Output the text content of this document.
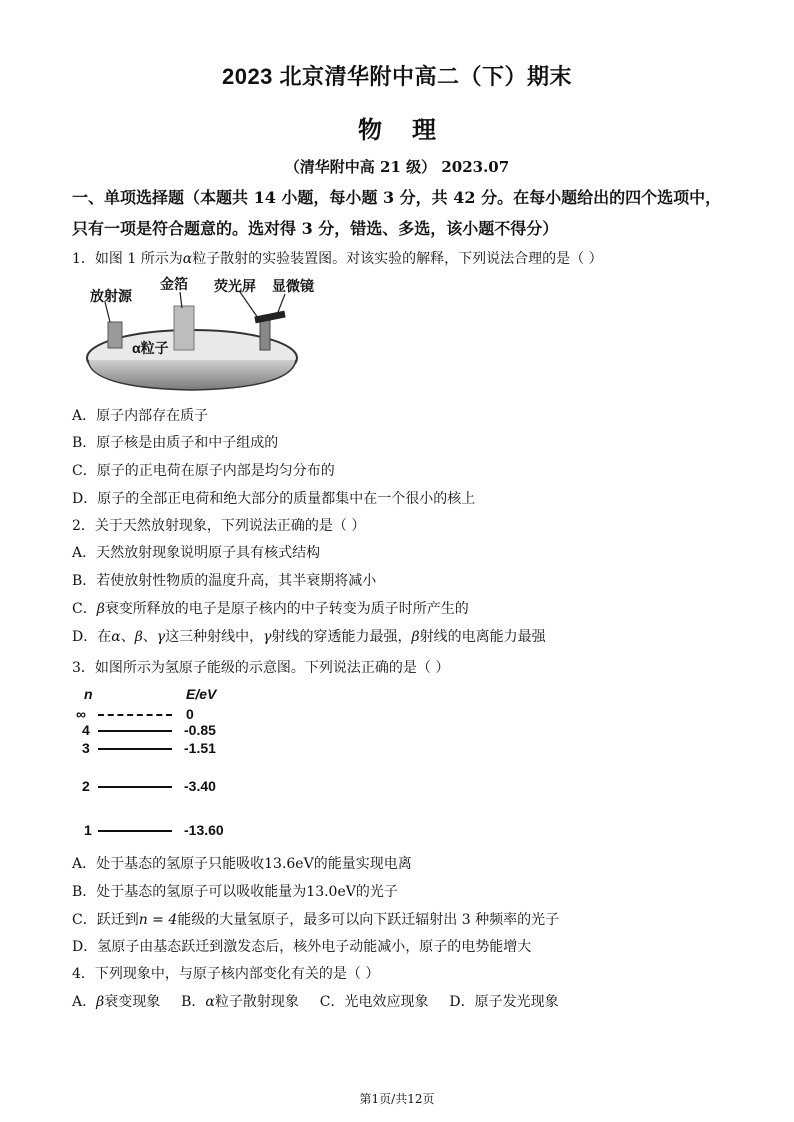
2023 北京清华附中高二（下）期末
物理
（清华附中高 21 级） 2023.07
一、单项选择题（本题共 14 小题，每小题 3 分，共 42 分。在每小题给出的四个选项中，只有一项是符合题意的。选对得 3 分，错选、多选，该小题不得分）
1．如图 1 所示为α粒子散射的实验装置图。对该实验的解释，下列说法合理的是（ ）
放射源
金箔 荧光屏 显微镜
α粒子
A．原子内部存在质子
B．原子核是由质子和中子组成的
C．原子的正电荷在原子内部是均匀分布的
D．原子的全部正电荷和绝大部分的质量都集中在一个很小的核上
2．关于天然放射现象，下列说法正确的是（ ）
A．天然放射现象说明原子具有核式结构
B．若使放射性物质的温度升高，其半衰期将减小
C．β衰变所释放的电子是原子核内的中子转变为质子时所产生的
D．在α、β、γ这三种射线中，γ射线的穿透能力最强，β射线的电离能力最强
3．如图所示为氢原子能级的示意图。下列说法正确的是（ ）
n	E/eV
∞	0
4	-0.85
3	-1.51
2	-3.40
1	-13.60
A．处于基态的氢原子只能吸收13.6eV的能量实现电离
B．处于基态的氢原子可以吸收能量为13.0eV的光子
C．跃迁到n = 4能级的大量氢原子，最多可以向下跃迁辐射出 3 种频率的光子
D．氢原子由基态跃迁到激发态后，核外电子动能减小，原子的电势能增大
4．下列现象中，与原子核内部变化有关的是（ ）
A．β衰变现象 B．α粒子散射现象 C．光电效应现象 D．原子发光现象
第1页/共12页
